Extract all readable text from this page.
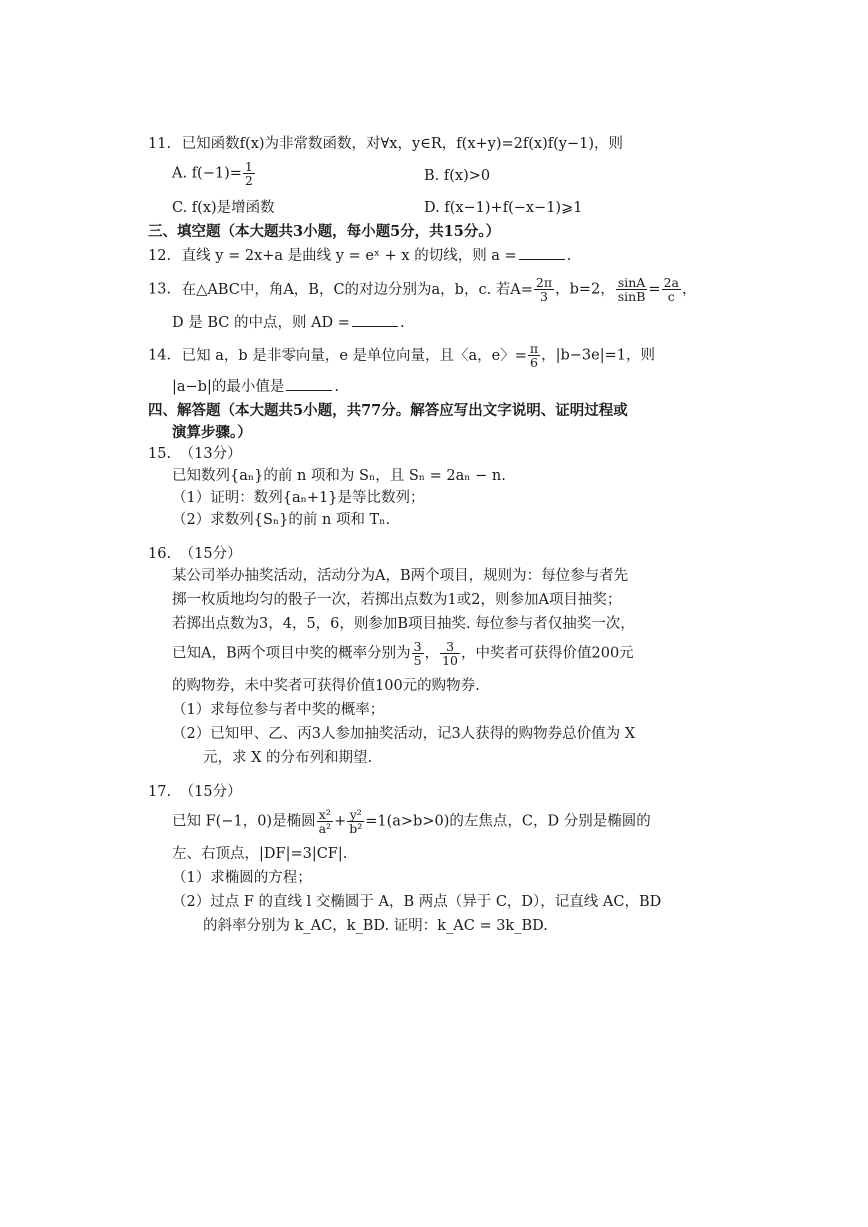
11. 已知函数f(x)为非常数函数，对∀x，y∈R，f(x+y)=2f(x)f(y−1)，则
A. $f(-1)= \frac{1}{2}$	B. f(x)>0
C. f(x)是增函数	D. f(x−1)+f(−x−1)⩾1
三、填空题（本大题共3小题，每小题5分，共15分。）
12. 直线 y = 2x+a 是曲线 y = eˣ + x 的切线，则 a =	.
13. 在△ABC中，角A，B，C的对边分别为a，b，c. 若$A= \frac{2\pi}{3}$ ，b=2， $\frac{\sin A}{\sin B} = \frac{2a}{c}$ ，
D 是 BC 的中点，则 AD =	.
14. 已知 a，b 是非零向量，e 是单位向量，且〈a，e〉= $\frac{\pi}{6}$ ，|b−3e|=1，则
|a−b|的最小值是	.
四、解答题（本大题共5小题，共77分。解答应写出文字说明、证明过程或
演算步骤。）
15. （13分）
已知数列{aₙ}的前 n 项和为 Sₙ，且 Sₙ = 2aₙ − n.
（1）证明：数列{aₙ+1}是等比数列；
（2）求数列{Sₙ}的前 n 项和 Tₙ.
16. （15分）
某公司举办抽奖活动，活动分为A，B两个项目，规则为：每位参与者先
掷一枚质地均匀的骰子一次，若掷出点数为1或2，则参加A项目抽奖；
若掷出点数为3，4，5，6，则参加B项目抽奖. 每位参与者仅抽奖一次，
已知A，B两个项目中奖的概率分别为 $\frac{3}{5}$ ， $\frac{3}{10}$ ，中奖者可获得价值200元
的购物券，未中奖者可获得价值100元的购物券.
（1）求每位参与者中奖的概率；
（2）已知甲、乙、丙3人参加抽奖活动，记3人获得的购物券总价值为 X
元，求 X 的分布列和期望.
17. （15分）
已知 F(−1，0)是椭圆 $\frac{\text{x²}}{\text{a²}} + \frac{\text{y²}}{\text{b²}} =1(a>b>0)$的左焦点，C，D 分别是椭圆的
左、右顶点，|DF|=3|CF|.
（1）求椭圆的方程；
（2）过点 F 的直线 l 交椭圆于 A，B 两点（异于 C，D），记直线 AC，BD
的斜率分别为 k_AC，k_BD. 证明：k_AC = 3k_BD.
